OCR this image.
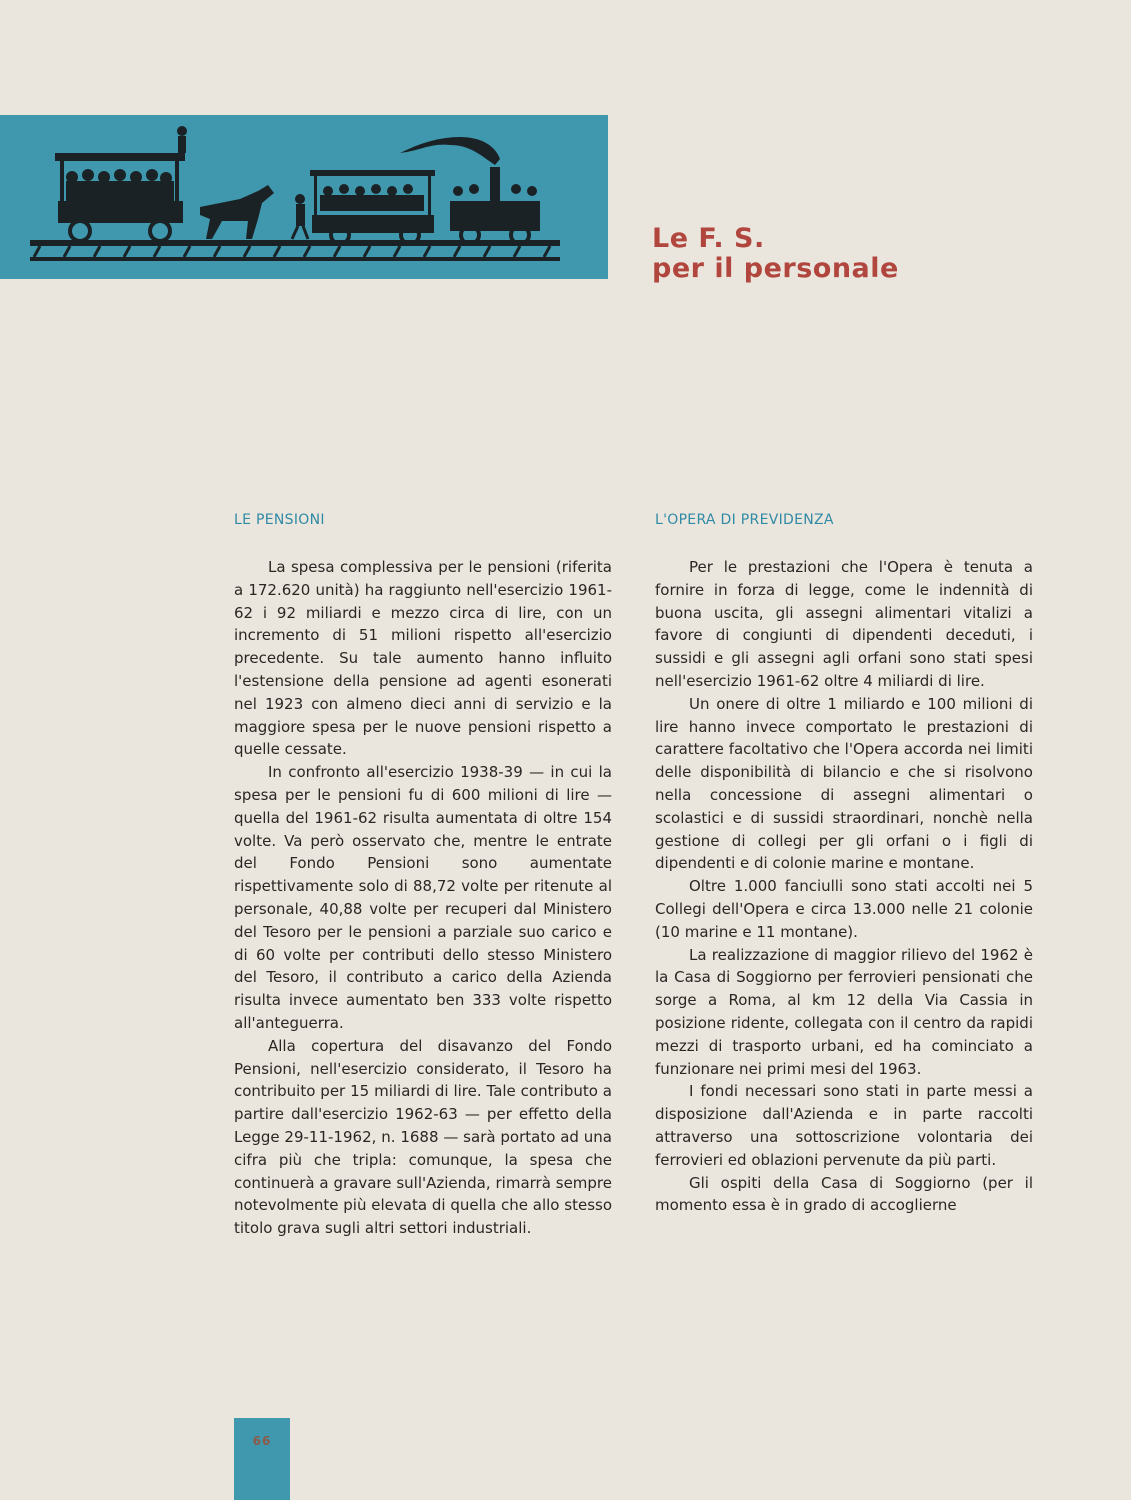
Le F. S.
per il personale
LE PENSIONI

La spesa complessiva per le pensioni (riferita a 172.620 unità) ha raggiunto nell'esercizio 1961-62 i 92 miliardi e mezzo circa di lire, con un incremento di 51 milioni rispetto all'esercizio precedente. Su tale aumento hanno influito l'estensione della pensione ad agenti esonerati nel 1923 con almeno dieci anni di servizio e la maggiore spesa per le nuove pensioni rispetto a quelle cessate.

In confronto all'esercizio 1938-39 — in cui la spesa per le pensioni fu di 600 milioni di lire — quella del 1961-62 risulta aumentata di oltre 154 volte. Va però osservato che, mentre le entrate del Fondo Pensioni sono aumentate rispettivamente solo di 88,72 volte per ritenute al personale, 40,88 volte per recuperi dal Ministero del Tesoro per le pensioni a parziale suo carico e di 60 volte per contributi dello stesso Ministero del Tesoro, il contributo a carico della Azienda risulta invece aumentato ben 333 volte rispetto all'anteguerra.

Alla copertura del disavanzo del Fondo Pensioni, nell'esercizio considerato, il Tesoro ha contribuito per 15 miliardi di lire. Tale contributo a partire dall'esercizio 1962-63 — per effetto della Legge 29-11-1962, n. 1688 — sarà portato ad una cifra più che tripla: comunque, la spesa che continuerà a gravare sull'Azienda, rimarrà sempre notevolmente più elevata di quella che allo stesso titolo grava sugli altri settori industriali.

L'OPERA DI PREVIDENZA

Per le prestazioni che l'Opera è tenuta a fornire in forza di legge, come le indennità di buona uscita, gli assegni alimentari vitalizi a favore di congiunti di dipendenti deceduti, i sussidi e gli assegni agli orfani sono stati spesi nell'esercizio 1961-62 oltre 4 miliardi di lire.

Un onere di oltre 1 miliardo e 100 milioni di lire hanno invece comportato le prestazioni di carattere facoltativo che l'Opera accorda nei limiti delle disponibilità di bilancio e che si risolvono nella concessione di assegni alimentari o scolastici e di sussidi straordinari, nonchè nella gestione di collegi per gli orfani o i figli di dipendenti e di colonie marine e montane.

Oltre 1.000 fanciulli sono stati accolti nei 5 Collegi dell'Opera e circa 13.000 nelle 21 colonie (10 marine e 11 montane).

La realizzazione di maggior rilievo del 1962 è la Casa di Soggiorno per ferrovieri pensionati che sorge a Roma, al km 12 della Via Cassia in posizione ridente, collegata con il centro da rapidi mezzi di trasporto urbani, ed ha cominciato a funzionare nei primi mesi del 1963.

I fondi necessari sono stati in parte messi a disposizione dall'Azienda e in parte raccolti attraverso una sottoscrizione volontaria dei ferrovieri ed oblazioni pervenute da più parti.

Gli ospiti della Casa di Soggiorno (per il momento essa è in grado di accoglierne

66
